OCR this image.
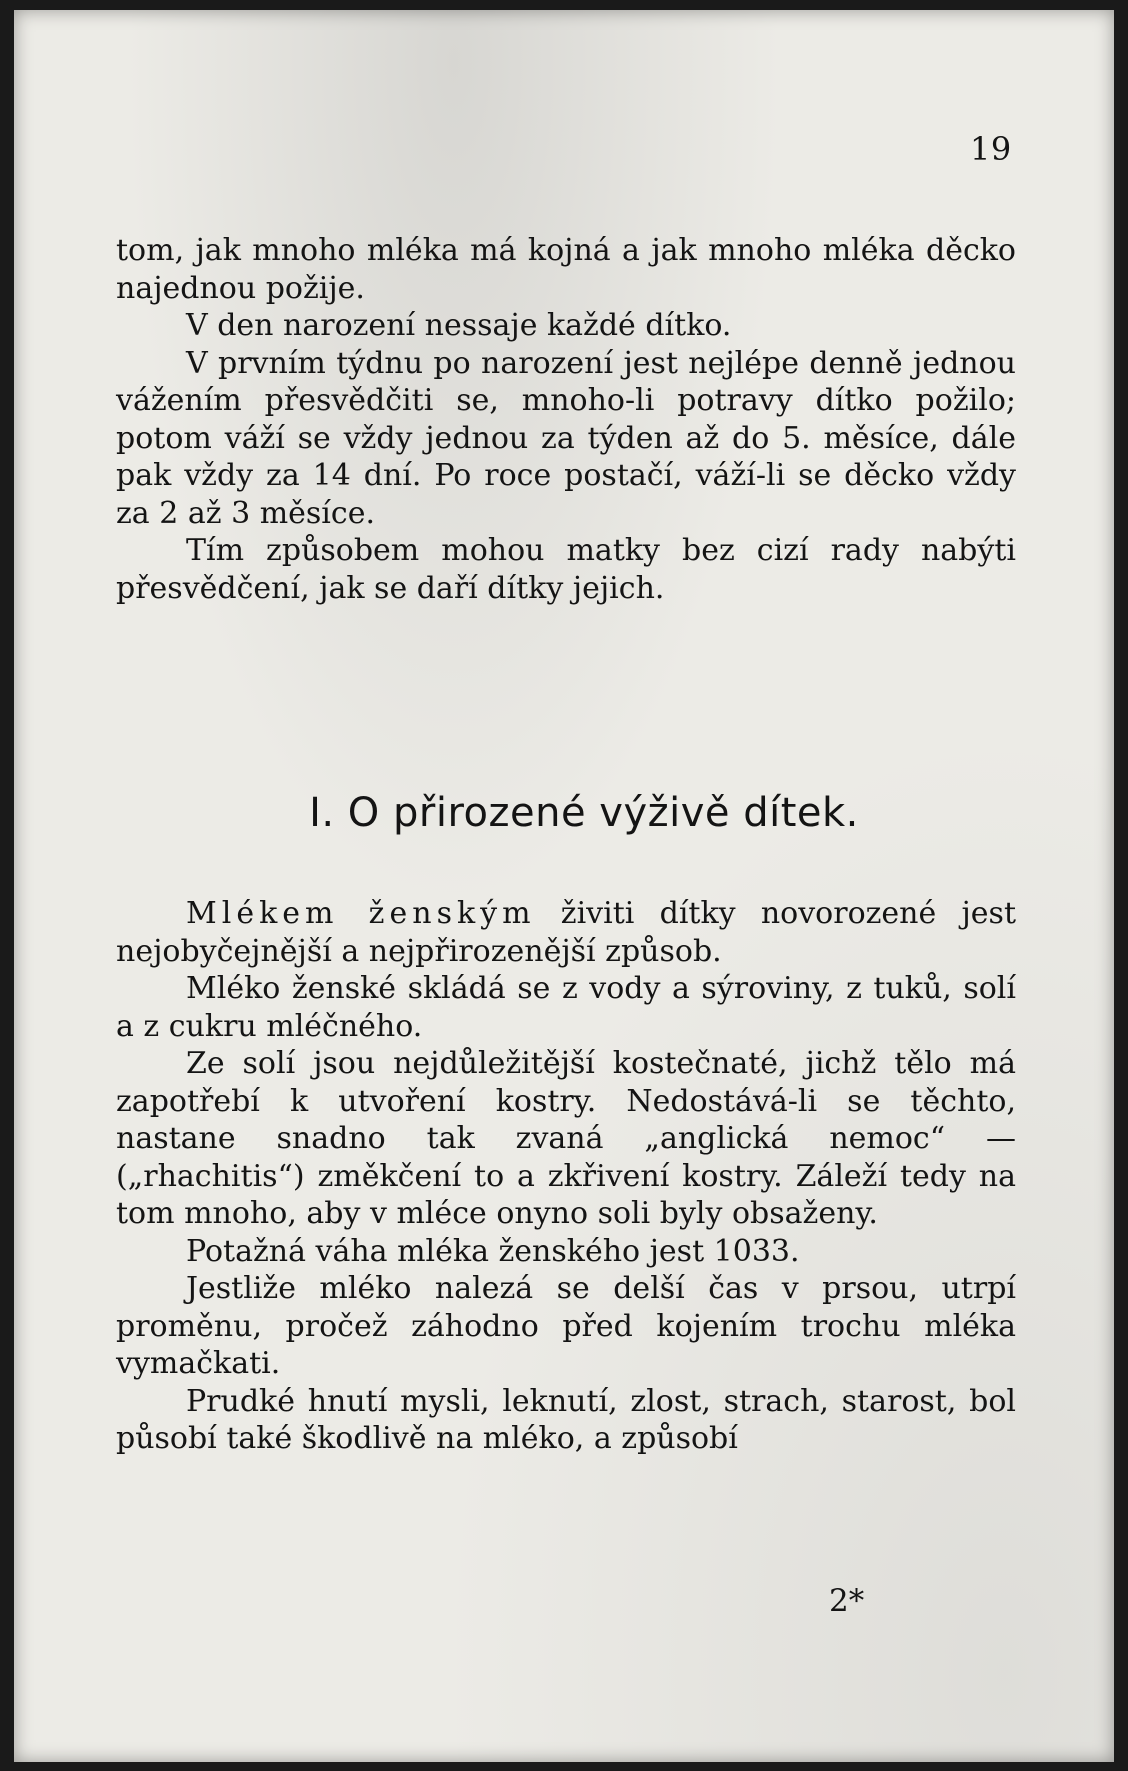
19

tom, jak mnoho mléka má kojná a jak mnoho mléka děcko najednou požije.

V den narození nessaje každé dítko.

V prvním týdnu po narození jest nejlépe denně jednou vážením přesvědčiti se, mnoho-li potravy dítko požilo; potom váží se vždy jednou za týden až do 5. měsíce, dále pak vždy za 14 dní. Po roce postačí, váží-li se děcko vždy za 2 až 3 měsíce.

Tím způsobem mohou matky bez cizí rady nabýti přesvědčení, jak se daří dítky jejich.

I. O přirozené výživě dítek.

Mlékem ženským živiti dítky novorozené jest nejobyčejnější a nejpřirozenější způsob.

Mléko ženské skládá se z vody a sýroviny, z tuků, solí a z cukru mléčného.

Ze solí jsou nejdůležitější kostečnaté, jichž tělo má zapotřebí k utvoření kostry. Nedostává-li se těchto, nastane snadno tak zvaná „anglická nemoc“ — („rhachitis“) změkčení to a zkřivení kostry. Záleží tedy na tom mnoho, aby v mléce onyno soli byly obsaženy.

Potažná váha mléka ženského jest 1033.

Jestliže mléko nalezá se delší čas v prsou, utrpí proměnu, pročež záhodno před kojením trochu mléka vymačkati.

Prudké hnutí mysli, leknutí, zlost, strach, starost, bol působí také škodlivě na mléko, a způsobí

2*
